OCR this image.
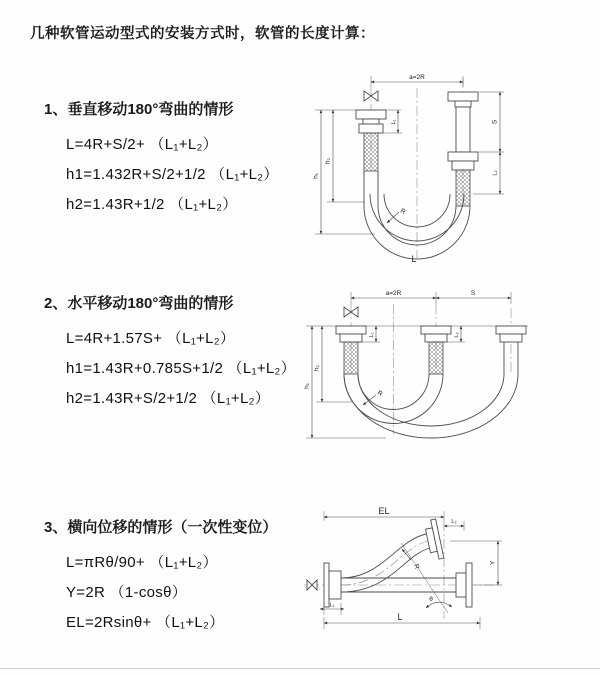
几种软管运动型式的安装方式时，软管的长度计算：
1、垂直移动180°弯曲的情形
L=4R+S/2+ （L₁+L₂）
h1=1.432R+S/2+1/2 （L₁+L₂）
h2=1.43R+1/2 （L₁+L₂）
a=2R
h₁
h₂
L₁	S
L₂
R
L
2、水平移动180°弯曲的情形
L=4R+1.57S+ （L₁+L₂）
h1=1.43R+0.785S+1/2 （L₁+L₂）
h2=1.43R+S/2+1/2 （L₁+L₂）
a=2R	S
h₁
h₂
L₁	L₂
R
3、横向位移的情形（一次性变位）
L=πRθ/90+ （L₁+L₂）
Y=2R （1-cosθ）
EL=2Rsinθ+ （L₁+L₂）
EL
L₂
Y
L
L₁
R
θ
